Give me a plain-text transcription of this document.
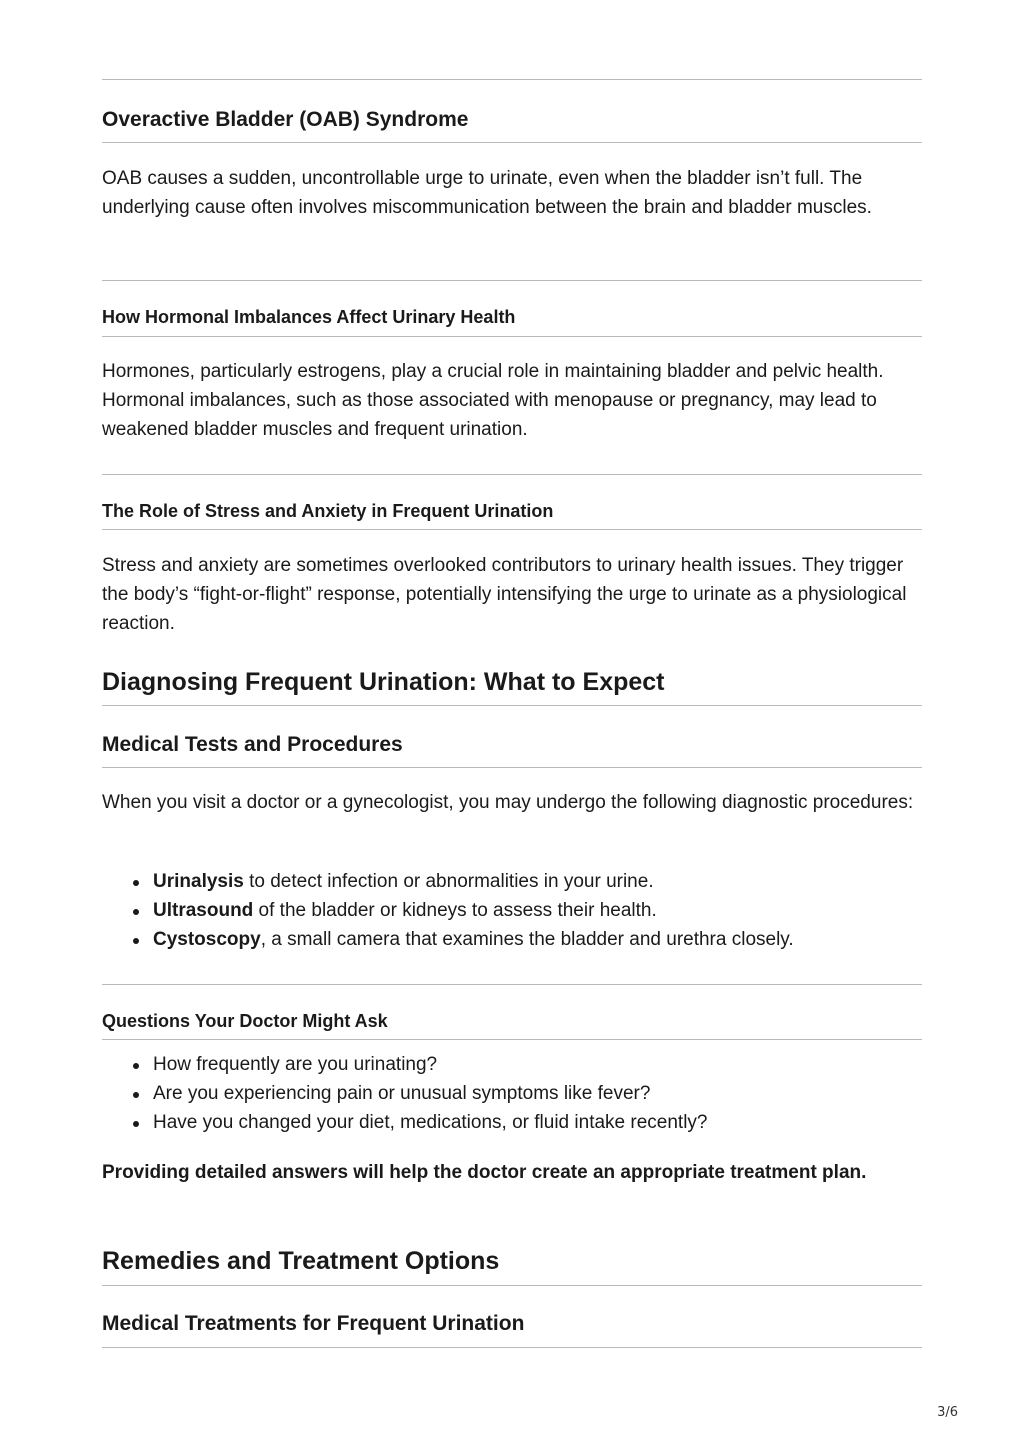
Overactive Bladder (OAB) Syndrome

OAB causes a sudden, uncontrollable urge to urinate, even when the bladder isn’t full. The underlying cause often involves miscommunication between the brain and bladder muscles.

How Hormonal Imbalances Affect Urinary Health

Hormones, particularly estrogens, play a crucial role in maintaining bladder and pelvic health. Hormonal imbalances, such as those associated with menopause or pregnancy, may lead to weakened bladder muscles and frequent urination.

The Role of Stress and Anxiety in Frequent Urination

Stress and anxiety are sometimes overlooked contributors to urinary health issues. They trigger the body’s “fight-or-flight” response, potentially intensifying the urge to urinate as a physiological reaction.

Diagnosing Frequent Urination: What to Expect
Medical Tests and Procedures

When you visit a doctor or a gynecologist, you may undergo the following diagnostic procedures:

Urinalysis to detect infection or abnormalities in your urine.
Ultrasound of the bladder or kidneys to assess their health.
Cystoscopy, a small camera that examines the bladder and urethra closely.
Questions Your Doctor Might Ask
How frequently are you urinating?
Are you experiencing pain or unusual symptoms like fever?
Have you changed your diet, medications, or fluid intake recently?

Providing detailed answers will help the doctor create an appropriate treatment plan.

Remedies and Treatment Options
Medical Treatments for Frequent Urination
3/6
